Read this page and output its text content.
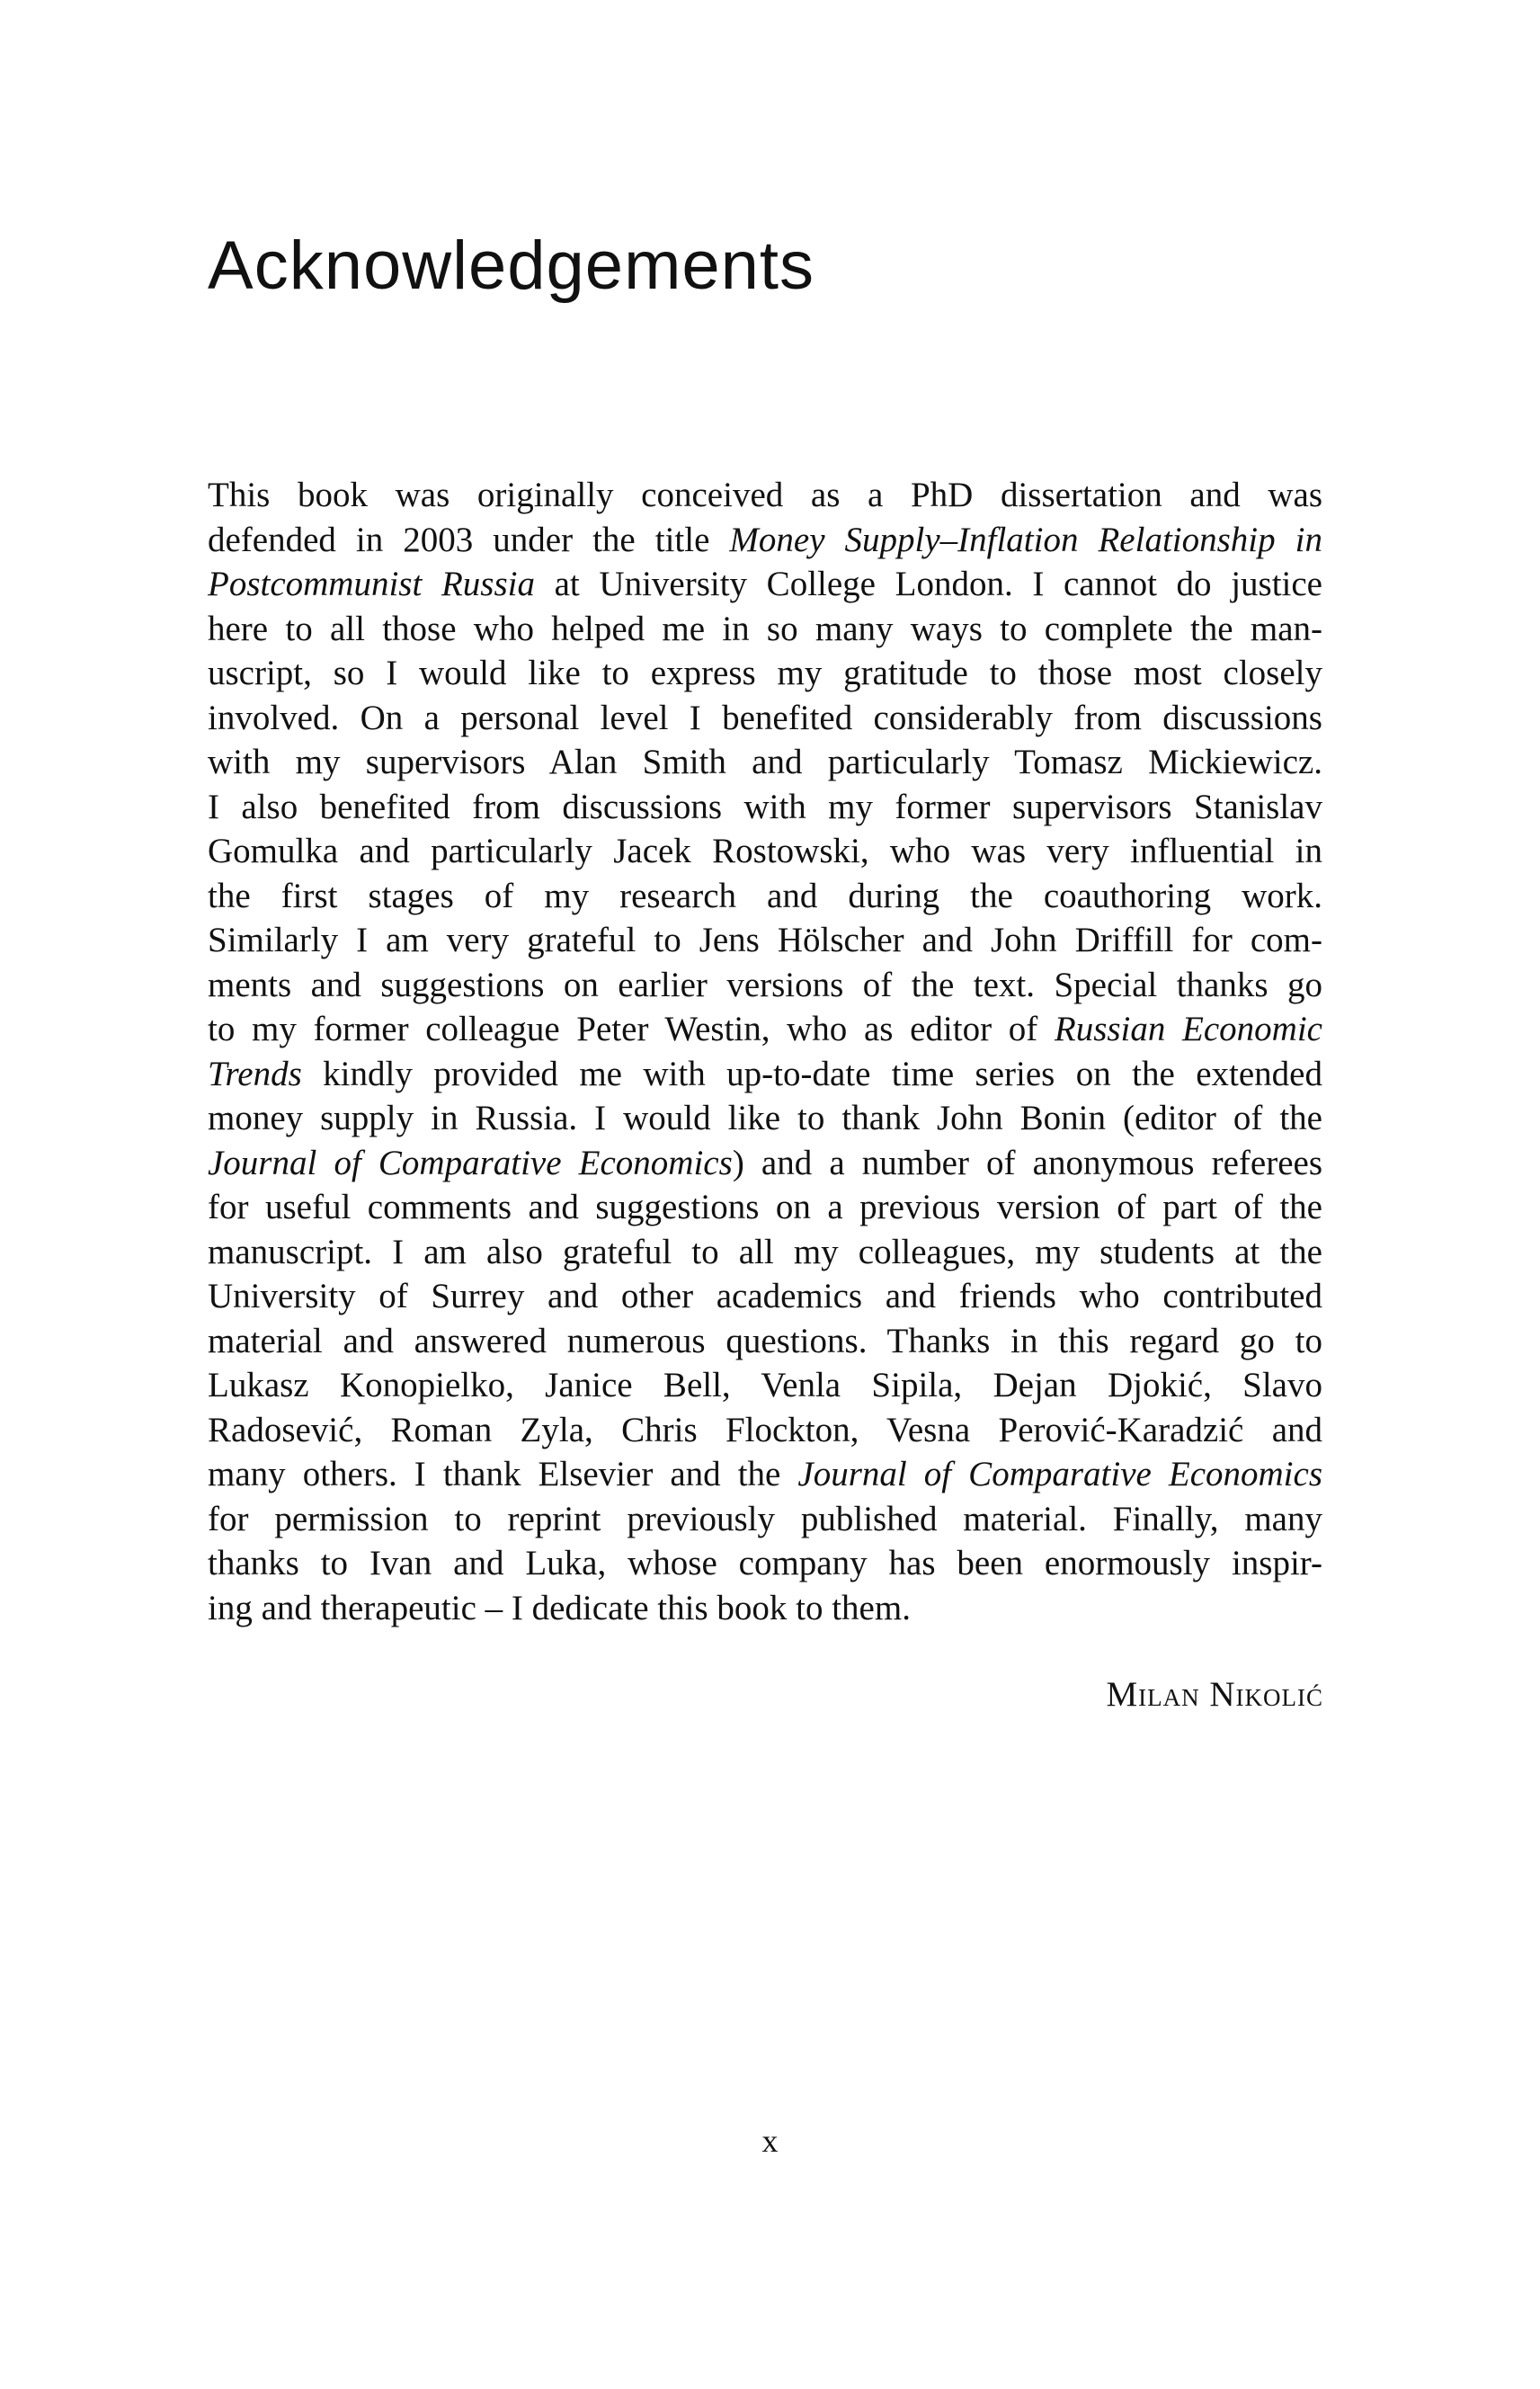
Acknowledgements
This book was originally conceived as a PhD dissertation and was
defended in 2003 under the title Money Supply–Inflation Relationship in
Postcommunist Russia at University College London. I cannot do justice
here to all those who helped me in so many ways to complete the man-
uscript, so I would like to express my gratitude to those most closely
involved. On a personal level I benefited considerably from discussions
with my supervisors Alan Smith and particularly Tomasz Mickiewicz.
I also benefited from discussions with my former supervisors Stanislav
Gomulka and particularly Jacek Rostowski, who was very influential in
the first stages of my research and during the coauthoring work.
Similarly I am very grateful to Jens Hölscher and John Driffill for com-
ments and suggestions on earlier versions of the text. Special thanks go
to my former colleague Peter Westin, who as editor of Russian Economic
Trends kindly provided me with up-to-date time series on the extended
money supply in Russia. I would like to thank John Bonin (editor of the
Journal of Comparative Economics) and a number of anonymous referees
for useful comments and suggestions on a previous version of part of the
manuscript. I am also grateful to all my colleagues, my students at the
University of Surrey and other academics and friends who contributed
material and answered numerous questions. Thanks in this regard go to
Lukasz Konopielko, Janice Bell, Venla Sipila, Dejan Djokić, Slavo
Radosević, Roman Zyla, Chris Flockton, Vesna Perović-Karadzić and
many others. I thank Elsevier and the Journal of Comparative Economics
for permission to reprint previously published material. Finally, many
thanks to Ivan and Luka, whose company has been enormously inspir-
ing and therapeutic – I dedicate this book to them.

Milan Nikolić

x
